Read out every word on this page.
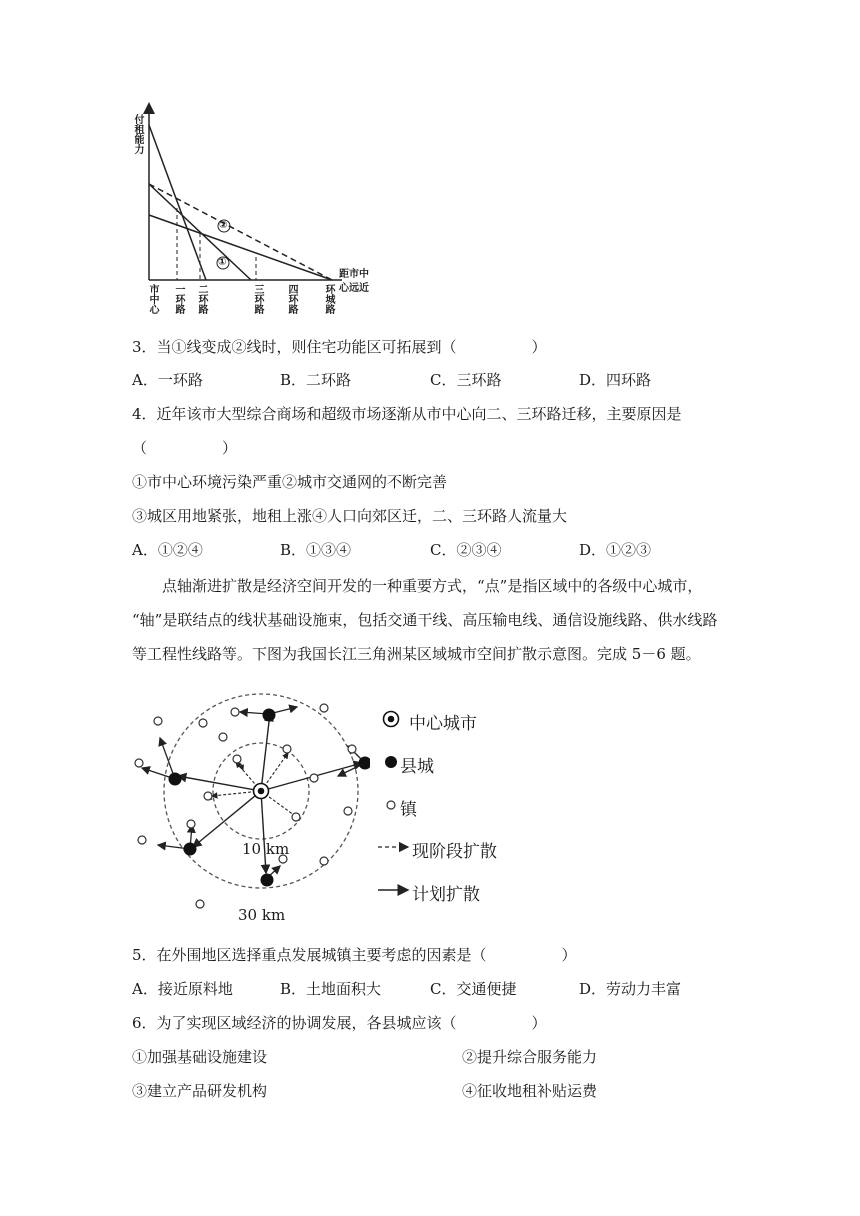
②
①
付租能力
距市中
心远近
市中心 一环路 二环路	三环路 四环路	环城路
3．当①线变成②线时，则住宅功能区可拓展到（　　　　　）
A．一环路	B．二环路	C．三环路	D．四环路
4．近年该市大型综合商场和超级市场逐渐从市中心向二、三环路迁移，主要原因是
（　　　　　）
①市中心环境污染严重②城市交通网的不断完善
③城区用地紧张，地租上涨④人口向郊区迁，二、三环路人流量大
A．①②④	B．①③④	C．②③④	D．①②③
点轴渐进扩散是经济空间开发的一种重要方式，“点”是指区域中的各级中心城市，
“轴”是联结点的线状基础设施束，包括交通干线、高压输电线、通信设施线路、供水线路
等工程性线路等。下图为我国长江三角洲某区域城市空间扩散示意图。完成 5－6 题。
10 km
30 km
中心城市
县城
镇
现阶段扩散
计划扩散
5．在外围地区选择重点发展城镇主要考虑的因素是（　　　　　）
A．接近原料地	B．土地面积大	C．交通便捷	D．劳动力丰富
6．为了实现区域经济的协调发展，各县城应该（　　　　　）
①加强基础设施建设	②提升综合服务能力
③建立产品研发机构	④征收地租补贴运费
